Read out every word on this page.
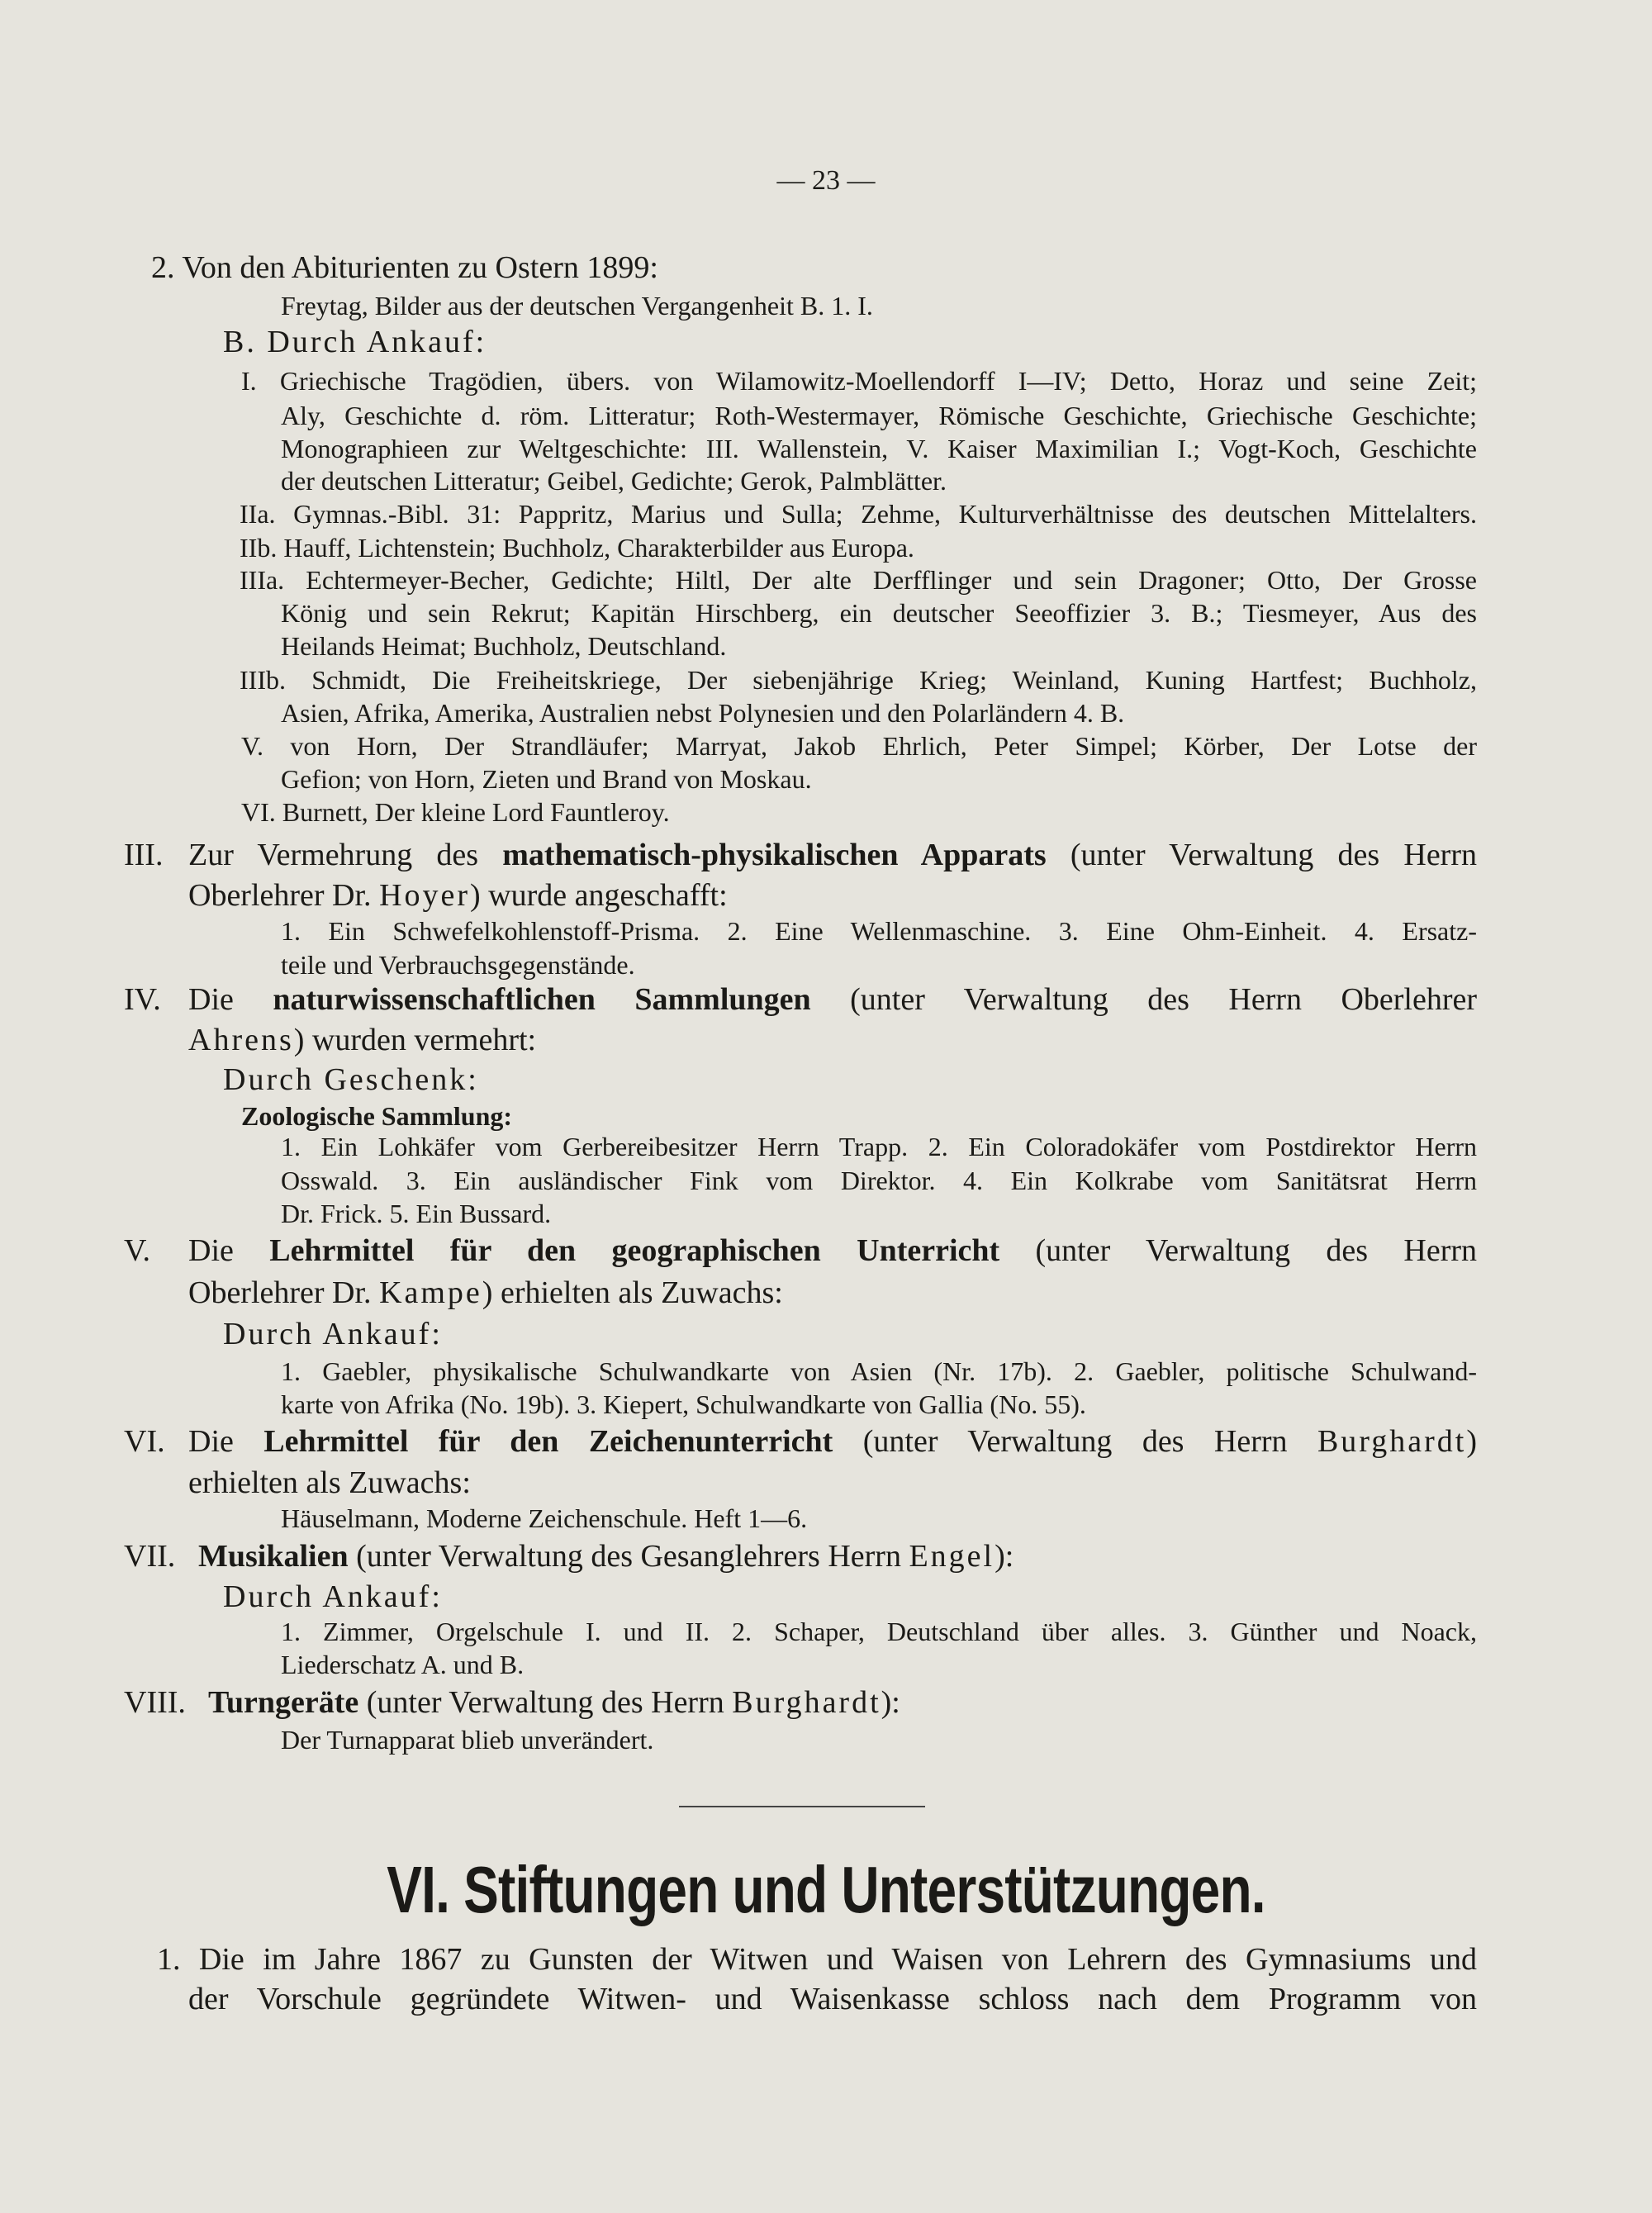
— 23 —
2. Von den Abiturienten zu Ostern 1899:
Freytag, Bilder aus der deutschen Vergangenheit B. 1. I.
B. Durch Ankauf:
I. Griechische Tragödien, übers. von Wilamowitz-Moellendorff I—IV; Detto, Horaz und seine Zeit;
Aly, Geschichte d. röm. Litteratur; Roth-Westermayer, Römische Geschichte, Griechische Geschichte;
Monographieen zur Weltgeschichte: III. Wallenstein, V. Kaiser Maximilian I.; Vogt-Koch, Geschichte
der deutschen Litteratur; Geibel, Gedichte; Gerok, Palmblätter.
IIa. Gymnas.-Bibl. 31: Pappritz, Marius und Sulla; Zehme, Kulturverhältnisse des deutschen Mittelalters.
IIb. Hauff, Lichtenstein; Buchholz, Charakterbilder aus Europa.
IIIa. Echtermeyer-Becher, Gedichte; Hiltl, Der alte Derfflinger und sein Dragoner; Otto, Der Grosse
König und sein Rekrut; Kapitän Hirschberg, ein deutscher Seeoffizier 3. B.; Tiesmeyer, Aus des
Heilands Heimat; Buchholz, Deutschland.
IIIb. Schmidt, Die Freiheitskriege, Der siebenjährige Krieg; Weinland, Kuning Hartfest; Buchholz,
Asien, Afrika, Amerika, Australien nebst Polynesien und den Polarländern 4. B.
V. von Horn, Der Strandläufer; Marryat, Jakob Ehrlich, Peter Simpel; Körber, Der Lotse der
Gefion; von Horn, Zieten und Brand von Moskau.
VI. Burnett, Der kleine Lord Fauntleroy.
III. Zur Vermehrung des mathematisch-physikalischen Apparats (unter Verwaltung des Herrn
Oberlehrer Dr. Hoyer) wurde angeschafft:
1. Ein Schwefelkohlenstoff-Prisma. 2. Eine Wellenmaschine. 3. Eine Ohm-Einheit. 4. Ersatz-
teile und Verbrauchsgegenstände.
IV. Die naturwissenschaftlichen Sammlungen (unter Verwaltung des Herrn Oberlehrer
Ahrens) wurden vermehrt:
Durch Geschenk:
Zoologische Sammlung:
1. Ein Lohkäfer vom Gerbereibesitzer Herrn Trapp. 2. Ein Coloradokäfer vom Postdirektor Herrn
Osswald. 3. Ein ausländischer Fink vom Direktor. 4. Ein Kolkrabe vom Sanitätsrat Herrn
Dr. Frick. 5. Ein Bussard.
V. Die Lehrmittel für den geographischen Unterricht (unter Verwaltung des Herrn
Oberlehrer Dr. Kampe) erhielten als Zuwachs:
Durch Ankauf:
1. Gaebler, physikalische Schulwandkarte von Asien (Nr. 17b). 2. Gaebler, politische Schulwand-
karte von Afrika (No. 19b). 3. Kiepert, Schulwandkarte von Gallia (No. 55).
VI. Die Lehrmittel für den Zeichenunterricht (unter Verwaltung des Herrn Burghardt)
erhielten als Zuwachs:
Häuselmann, Moderne Zeichenschule. Heft 1—6.
VII. Musikalien (unter Verwaltung des Gesanglehrers Herrn Engel):
Durch Ankauf:
1. Zimmer, Orgelschule I. und II. 2. Schaper, Deutschland über alles. 3. Günther und Noack,
Liederschatz A. und B.
VIII. Turngeräte (unter Verwaltung des Herrn Burghardt):
Der Turnapparat blieb unverändert.
VI. Stiftungen und Unterstützungen.
1. Die im Jahre 1867 zu Gunsten der Witwen und Waisen von Lehrern des Gymnasiums und
der Vorschule gegründete Witwen- und Waisenkasse schloss nach dem Programm von
